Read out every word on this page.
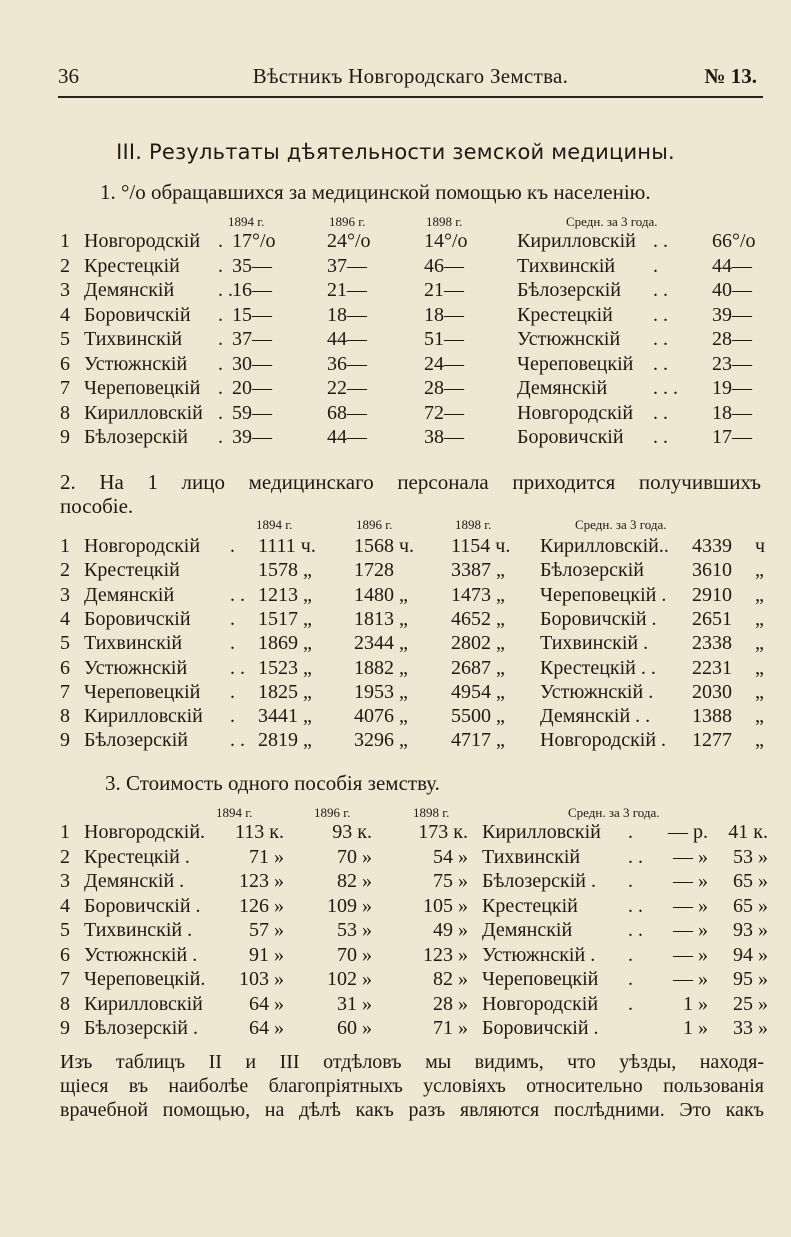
36	Вѣстникъ Новгородскаго Земства.	№ 13.
III. Результаты дѣятельности земской медицины.
1. °/о обращавшихся за медицинской помощью къ населенію.
1894 г.	1896 г.	1898 г.	Средн. за 3 года.
1 Новгородскій . 17°/о	24°/о	14°/о Кирилловскій . . 66°/о
2 Крестецкій . 35—	37—	46—	Тихвинскій .	44—
3 Демянскій . . 16—	21—	21—	Бѣлозерскій . . 40—
4 Боровичскій . 15—	18—	18—	Крестецкій . . 39—
5 Тихвинскій . 37—	44—	51—	Устюжнскій . . 28—
6 Устюжнскій . 30—	36—	24—	Череповецкій . . 23—
7 Череповецкій . 20—	22—	28—	Демянскій . . . 19—
8 Кирилловскій . 59—	68—	72—	Новгородскій . . 18—
9 Бѣлозерскій . 39—	44—	38—	Боровичскій . . 17—
2. На 1 лицо медицинскаго персонала приходится получившихъ
пособіе.
1894 г.	1896 г.	1898 г.	Средн. за 3 года.
1 Новгородскій . 1111 ч. 1568 ч. 1154 ч. Кирилловскій.. 4339 ч
2 Крестецкій	1578 „ 1728	3387 „ Бѣлозерскій 3610 „
3 Демянскій	. . 1213 „ 1480 „ 1473 „ Череповецкій . 2910 „
4 Боровичскій . 1517 „ 1813 „ 4652 „ Боровичскій . 2651 „
5 Тихвинскій . 1869 „ 2344 „ 2802 „ Тихвинскій . 2338 „
6 Устюжнскій . . 1523 „ 1882 „ 2687 „ Крестецкій . . 2231 „
7 Череповецкій . 1825 „ 1953 „ 4954 „ Устюжнскій . 2030 „
8 Кирилловскій . 3441 „ 4076 „ 5500 „ Демянскій . . 1388 „
9 Бѣлозерскій . . 2819 „ 3296 „ 4717 „ Новгородскій . 1277 „
3. Стоимость одного пособія земству.
1894 г.	1896 г.	1898 г.	Средн. за 3 года.
1 Новгородскій.	113 к.	93 к.	173 к. Кирилловскій .	— р.	41 к.
2 Крестецкій .	71 »	70 »	54 » Тихвинскій . .	— »	53 »
3 Демянскій .	123 »	82 »	75 » Бѣлозерскій . .	— »	65 »
4 Боровичскій .	126 »	109 »	105 » Крестецкій	. .	— »	65 »
5 Тихвинскій .	57 »	53 »	49 » Демянскій	. .	— »	93 »
6 Устюжнскій .	91 »	70 »	123 » Устюжнскій . .	— »	94 »
7 Череповецкій.	103 »	102 »	82 » Череповецкій .	— »	95 »
8 Кирилловскій	64 »	31 »	28 » Новгородскій .	1 »	25 »
9 Бѣлозерскій .	64 »	60 »	71 » Боровичскій .	1 »	33 »
Изъ таблицъ II и III отдѣловъ мы видимъ, что уѣзды, находя-
щіеся въ наиболѣе благопріятныхъ условіяхъ относительно пользованія
врачебной помощью, на дѣлѣ какъ разъ являются послѣдними. Это какъ
